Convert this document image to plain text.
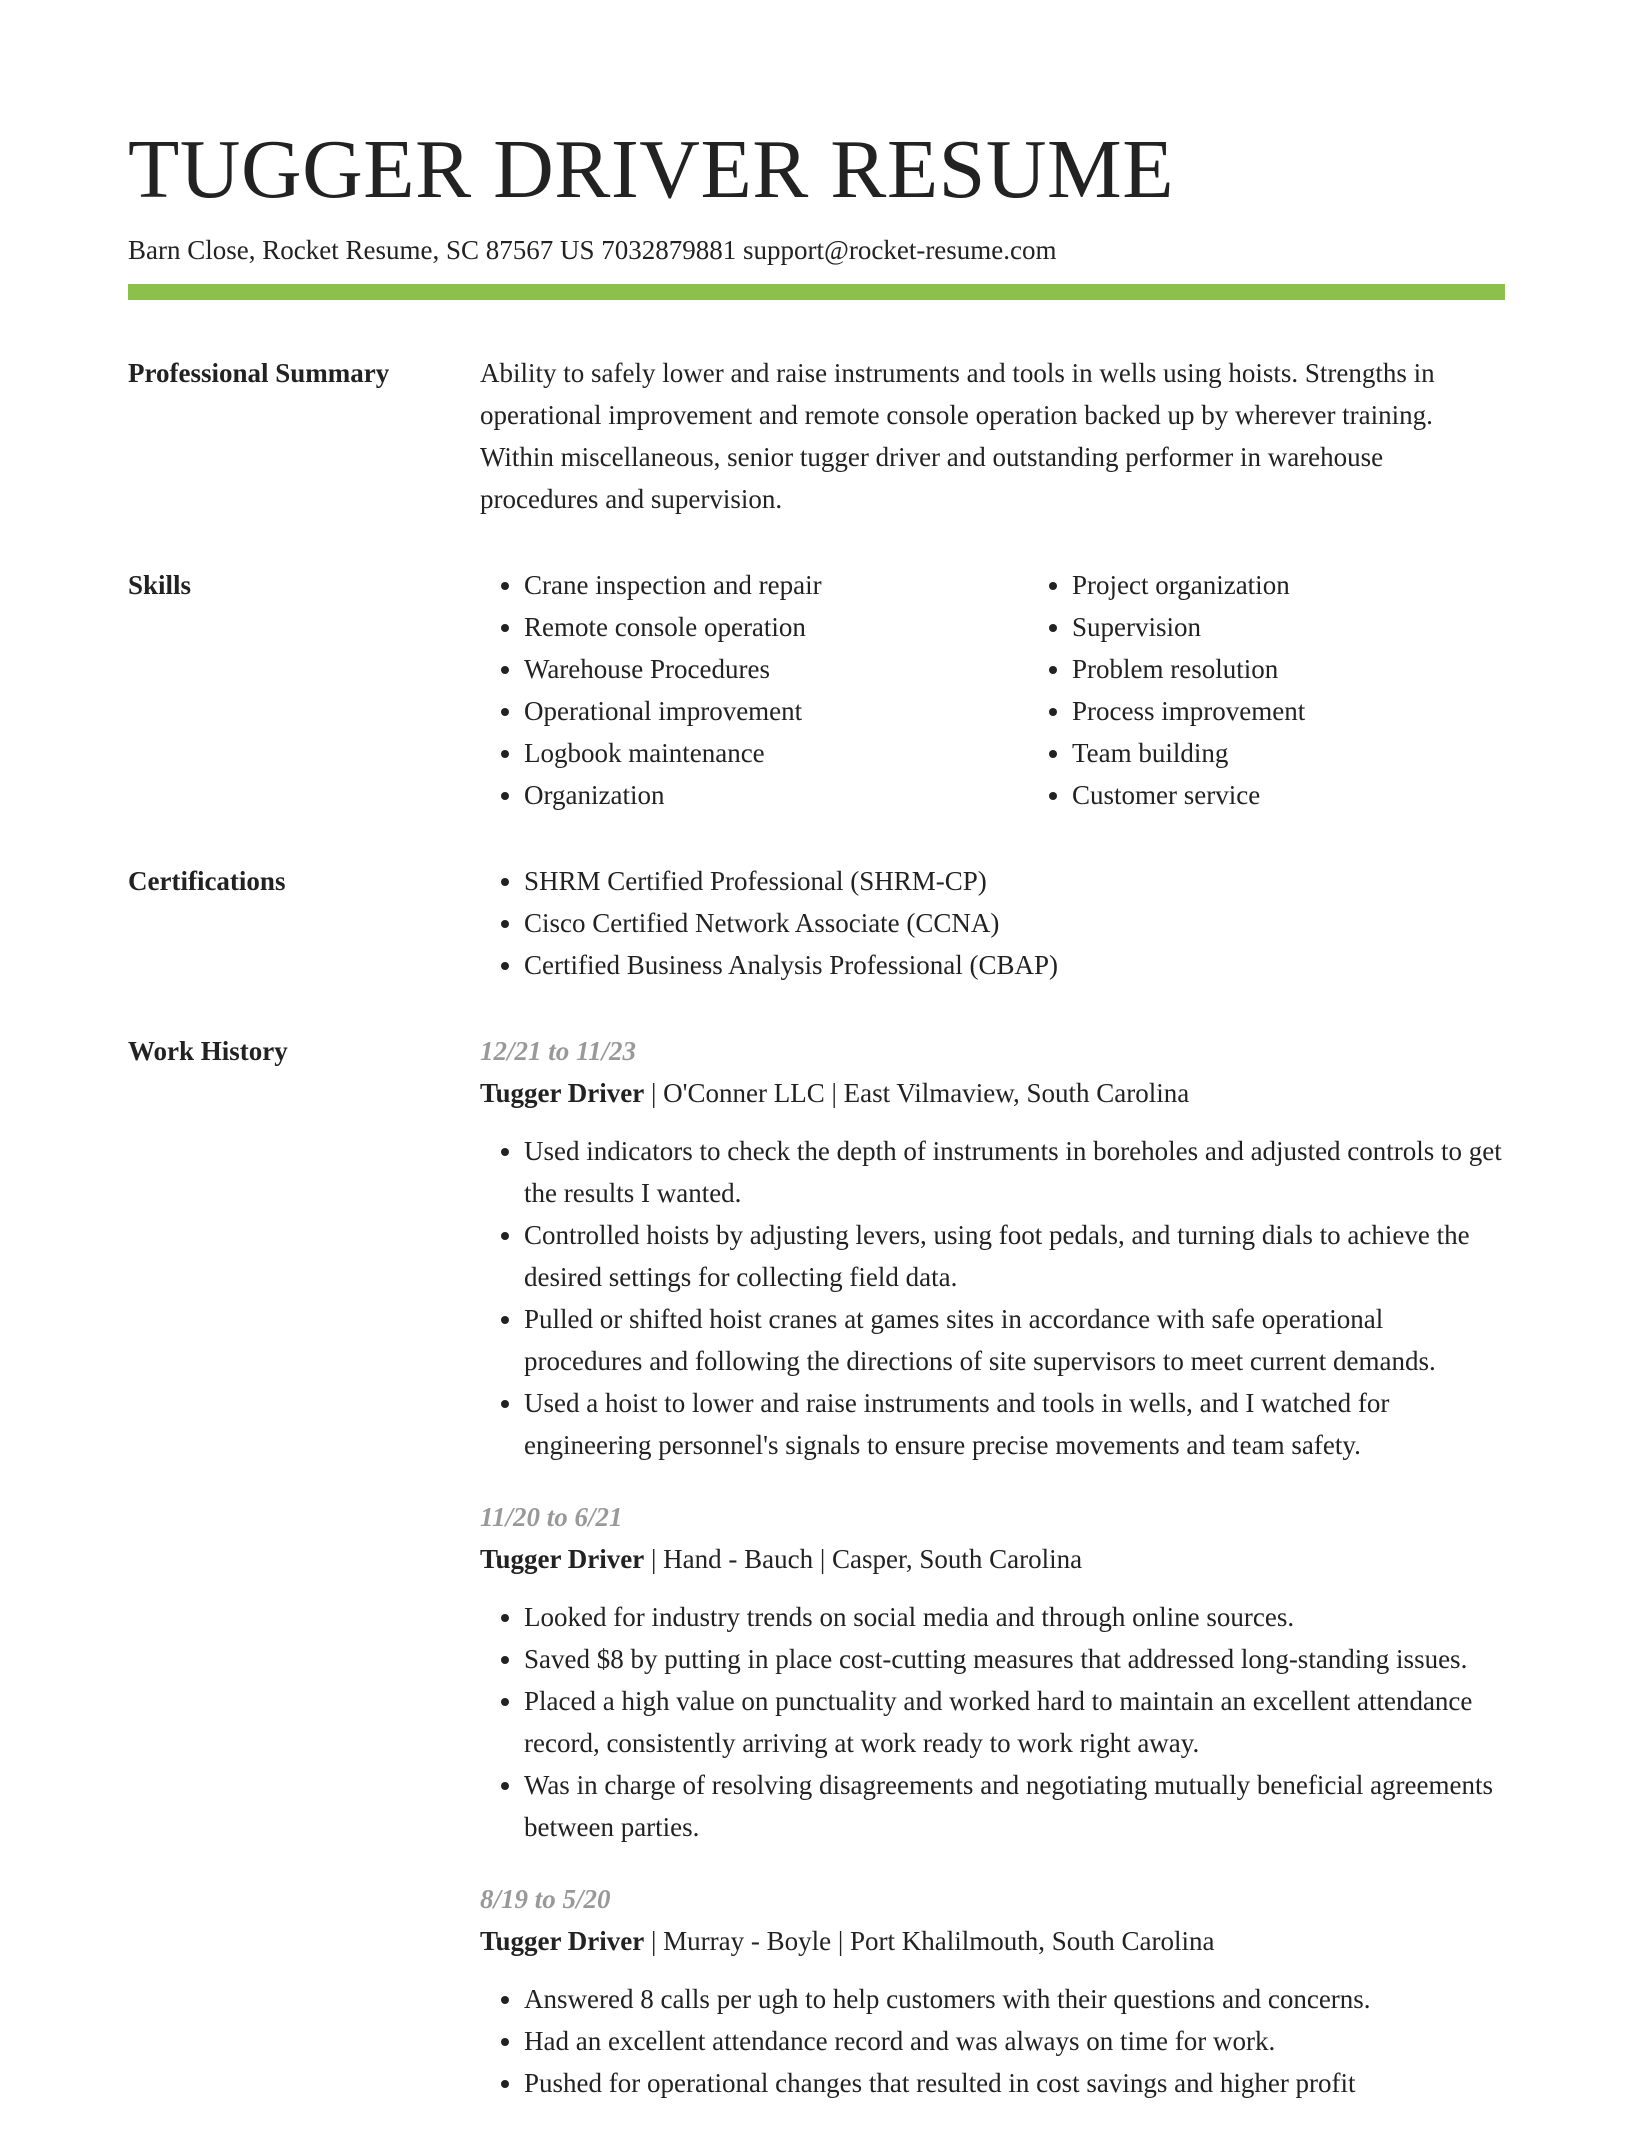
TUGGER DRIVER RESUME
Barn Close, Rocket Resume, SC 87567 US 7032879881 support@rocket-resume.com
Professional Summary	Ability to safely lower and raise instruments and tools in wells using hoists. Strengths in operational improvement and remote console operation backed up by wherever training. Within miscellaneous, senior tugger driver and outstanding performer in warehouse procedures and supervision.

Skills	• Crane inspection and repair
• Remote console operation
• Warehouse Procedures
• Operational improvement
• Logbook maintenance
• Organization
• Project organization
• Supervision
• Problem resolution
• Process improvement
• Team building
• Customer service
Certifications	• SHRM Certified Professional (SHRM-CP)
• Cisco Certified Network Associate (CCNA)
• Certified Business Analysis Professional (CBAP)
Work History	12/21 to 11/23
Tugger Driver | O'Conner LLC | East Vilmaview, South Carolina
• Used indicators to check the depth of instruments in boreholes and adjusted controls to get the results I wanted.
• Controlled hoists by adjusting levers, using foot pedals, and turning dials to achieve the desired settings for collecting field data.
• Pulled or shifted hoist cranes at games sites in accordance with safe operational procedures and following the directions of site supervisors to meet current demands.
• Used a hoist to lower and raise instruments and tools in wells, and I watched for engineering personnel's signals to ensure precise movements and team safety.
11/20 to 6/21
Tugger Driver | Hand - Bauch | Casper, South Carolina
• Looked for industry trends on social media and through online sources.
• Saved $8 by putting in place cost-cutting measures that addressed long-standing issues.
• Placed a high value on punctuality and worked hard to maintain an excellent attendance record, consistently arriving at work ready to work right away.
• Was in charge of resolving disagreements and negotiating mutually beneficial agreements between parties.
8/19 to 5/20
Tugger Driver | Murray - Boyle | Port Khalilmouth, South Carolina
• Answered 8 calls per ugh to help customers with their questions and concerns.
• Had an excellent attendance record and was always on time for work.
• Pushed for operational changes that resulted in cost savings and higher profit
